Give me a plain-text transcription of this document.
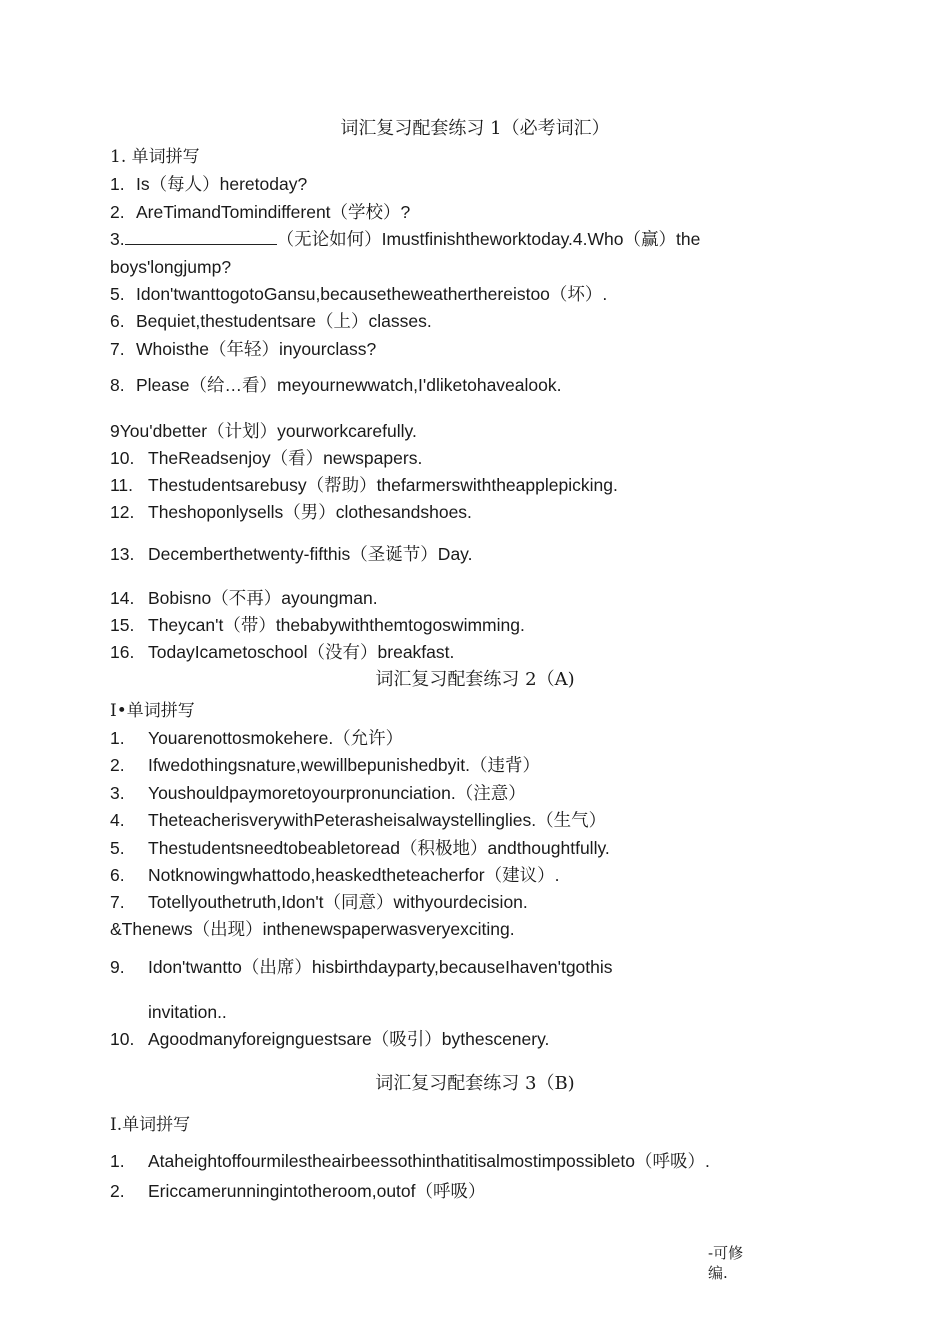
词汇复习配套练习 1（必考词汇）
1. 单词拼写
1. Is（每人）heretoday?
2. AreTimandTomindifferent（学校）?
3.	（无论如何）Imustfinishtheworktoday.4.Who（赢）the
boys'longjump?
5. Idon'twanttogotoGansu,becausetheweatherthereistoo（坏）.
6. Bequiet,thestudentsare（上）classes.
7. Whoisthe（年轻）inyourclass?
8. Please（给…看）meyournewwatch,I'dliketohavealook.
9You'dbetter（计划）yourworkcarefully.
10. TheReadsenjoy（看）newspapers.
11. Thestudentsarebusy（帮助）thefarmerswiththeapplepicking.
12. Theshoponlysells（男）clothesandshoes.
13. Decemberthetwenty-fifthis（圣诞节）Day.
14. Bobisno（不再）ayoungman.
15. Theycan't（带）thebabywiththemtogoswimming.
16. TodayIcametoschool（没有）breakfast.
词汇复习配套练习 2（A)
I•单词拼写
1. Youarenottosmokehere.（允许）
2. Ifwedothingsnature,wewillbepunishedbyit.（违背）
3. Youshouldpaymoretoyourpronunciation.（注意）
4. TheteacherisverywithPeterasheisalwaystellinglies.（生气）
5. Thestudentsneedtobeabletoread（积极地）andthoughtfully.
6. Notknowingwhattodo,heaskedtheteacherfor（建议）.
7. Totellyouthetruth,Idon't（同意）withyourdecision.
&Thenews（出现）inthenewspaperwasveryexciting.
9. Idon'twantto（出席）hisbirthdayparty,becauseIhaven'tgothis
invitation..
10. Agoodmanyforeignguestsare（吸引）bythescenery.
词汇复习配套练习 3（B)
I.单词拼写
1. Ataheightoffourmilestheairbeessothinthatitisalmostimpossibleto（呼吸）.
2. Ericcamerunningintotheroom,outof（呼吸）
-可修
编.
